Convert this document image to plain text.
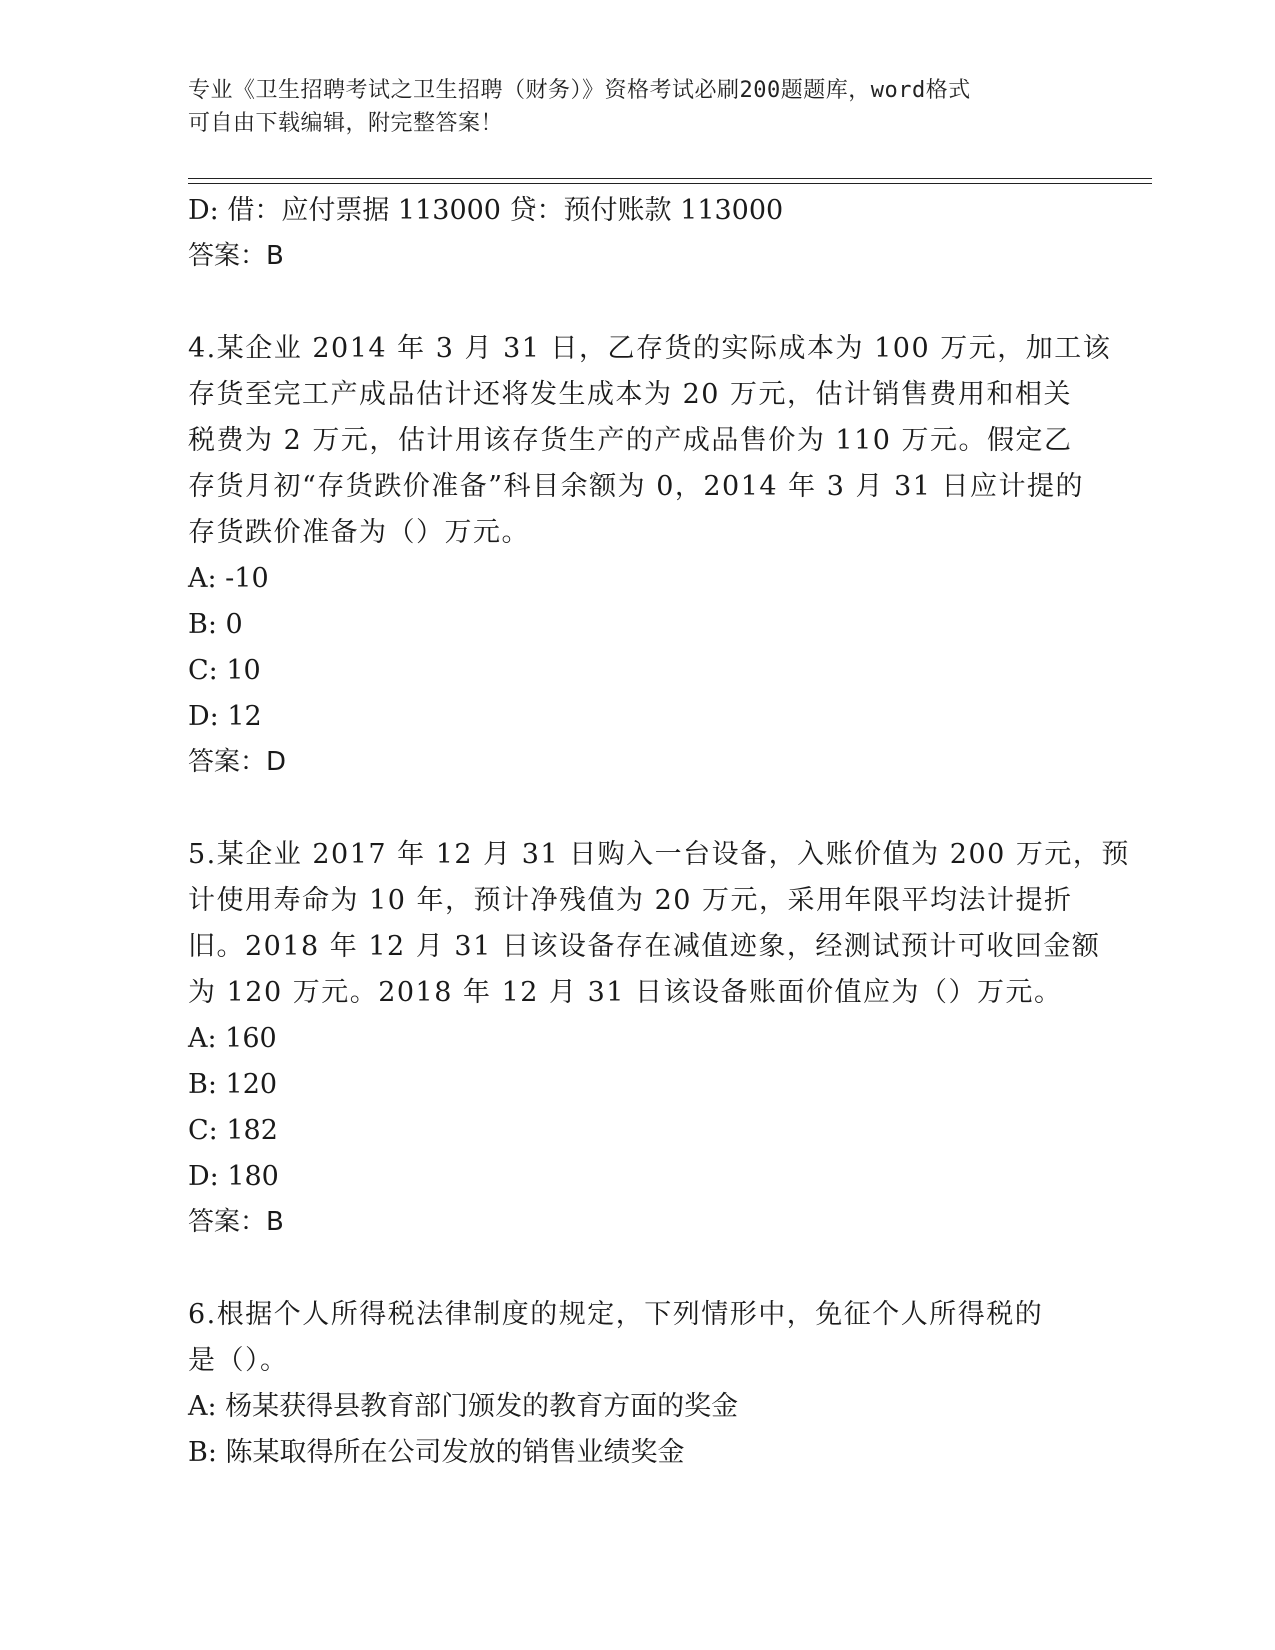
专业《卫生招聘考试之卫生招聘（财务）》资格考试必刷200题题库，word格式
可自由下载编辑，附完整答案！

D: 借：应付票据 113000 贷：预付账款 113000

答案：B

4.某企业 2014 年 3 月 31 日，乙存货的实际成本为 100 万元，加工该

存货至完工产成品估计还将发生成本为 20 万元，估计销售费用和相关

税费为 2 万元，估计用该存货生产的产成品售价为 110 万元。假定乙

存货月初“存货跌价准备”科目余额为 0，2014 年 3 月 31 日应计提的

存货跌价准备为（）万元。

A: -10

B: 0

C: 10

D: 12

答案：D

5.某企业 2017 年 12 月 31 日购入一台设备，入账价值为 200 万元，预

计使用寿命为 10 年，预计净残值为 20 万元，采用年限平均法计提折

旧。2018 年 12 月 31 日该设备存在减值迹象，经测试预计可收回金额

为 120 万元。2018 年 12 月 31 日该设备账面价值应为（）万元。

A: 160

B: 120

C: 182

D: 180

答案：B

6.根据个人所得税法律制度的规定，下列情形中，免征个人所得税的

是（）。

A: 杨某获得县教育部门颁发的教育方面的奖金

B: 陈某取得所在公司发放的销售业绩奖金
